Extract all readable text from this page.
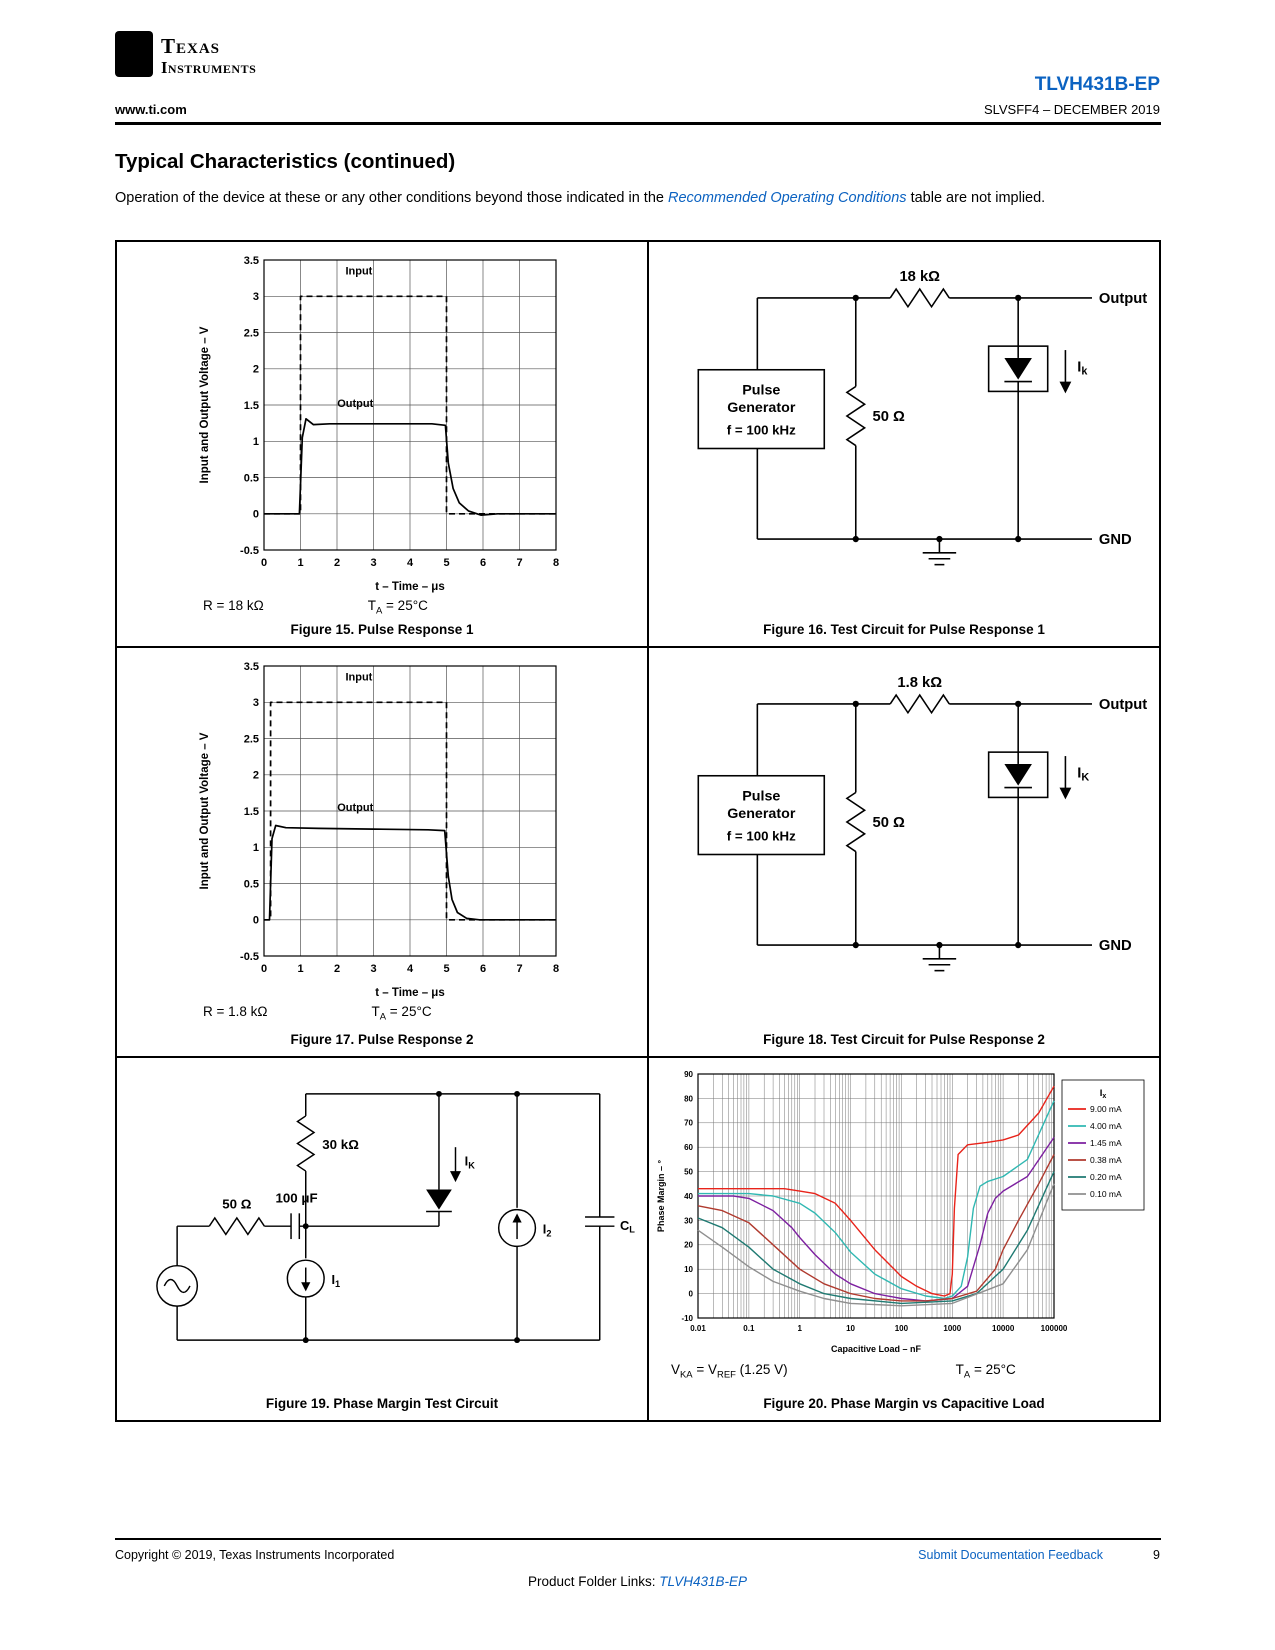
ti Texas
Instruments
TLVH431B-EP
www.ti.com	SLVSFF4 – DECEMBER 2019
Typical Characteristics (continued)
Operation of the device at these or any other conditions beyond those indicated in the Recommended Operating Conditions table are not implied.
0	1	2	3	4	5	6	7	8
3.5
3
2.5
2
1.5
1
0.5
0
-0.5
t – Time – μs
Input and Output Voltage – V
Input
Output
R = 18 kΩ	$T_A = 25^\circ C$
Figure 15. Pulse Response 1
18 kΩ
Output
Pulse
Generator
f = 100 kHz
50 Ω
$I_k$
GND
Figure 16. Test Circuit for Pulse Response 1
0	1	2	3	4	5	6	7	8
3.5
3
2.5
2
1.5
1
0.5
0
-0.5
t – Time – μs
Input and Output Voltage – V
Input
Output
R = 1.8 kΩ	$T_A = 25^\circ C$
Figure 17. Pulse Response 2
1.8 kΩ
Output
Pulse
Generator
f = 100 kHz
50 Ω
$I_K$
GND
Figure 18. Test Circuit for Pulse Response 2
30 kΩ
50 Ω 100 μF
$I_K$
$I_1$
$I_2$
$C_L$
Figure 19. Phase Margin Test Circuit
0.01	0.1	1	10	100	1000	10000	100000
90
80
70
60
50
40
30
20
10
0
-10
Capacitive Load – nF
Phase Margin – °
$I_x$
9.00 mA
4.00 mA
1.45 mA
0.38 mA
0.20 mA
0.10 mA
$V_{KA} = V_{REF}$ (1.25 V)	$T_A = 25^\circ C$
Figure 20. Phase Margin vs Capacitive Load
Copyright © 2019, Texas Instruments Incorporated	Submit Documentation Feedback	9
Product Folder Links: TLVH431B-EP
